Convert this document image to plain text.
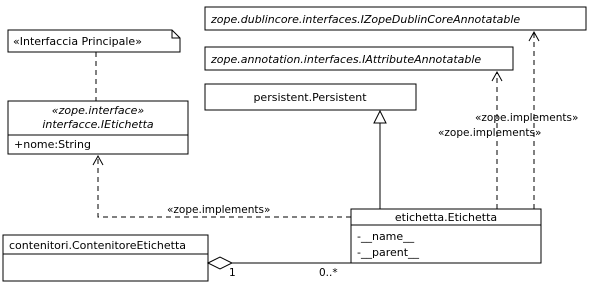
«Interfaccia Principale»
«zope.interface»
interfacce.IEtichetta
+nome:String
zope.dublincore.interfaces.IZopeDublinCoreAnnotatable
zope.annotation.interfaces.IAttributeAnnotatable
persistent.Persistent
etichetta.Etichetta
-__name__
-__parent__
contenitori.ContenitoreEtichetta
«zope.implements»
«zope.implements»
«zope.implements»
1	0..*
